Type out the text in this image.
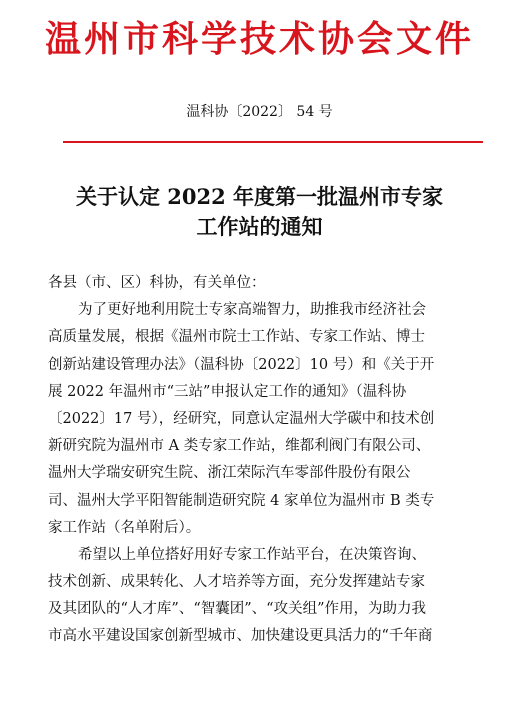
温州市科学技术协会文件
温科协〔2022〕 54 号
关于认定 2022 年度第一批温州市专家
工作站的通知
各县（市、区）科协，有关单位：
为了更好地利用院士专家高端智力，助推我市经济社会
高质量发展，根据《温州市院士工作站、专家工作站、博士
创新站建设管理办法》（温科协〔2022〕10 号）和《关于开
展 2022 年温州市“三站”申报认定工作的通知》（温科协
〔2022〕17 号），经研究，同意认定温州大学碳中和技术创
新研究院为温州市 A 类专家工作站，维都利阀门有限公司、
温州大学瑞安研究生院、浙江荣际汽车零部件股份有限公
司、温州大学平阳智能制造研究院 4 家单位为温州市 B 类专
家工作站（名单附后）。
希望以上单位搭好用好专家工作站平台，在决策咨询、
技术创新、成果转化、人才培养等方面，充分发挥建站专家
及其团队的“人才库”、“智囊团”、“攻关组”作用，为助力我
市高水平建设国家创新型城市、加快建设更具活力的“千年商
